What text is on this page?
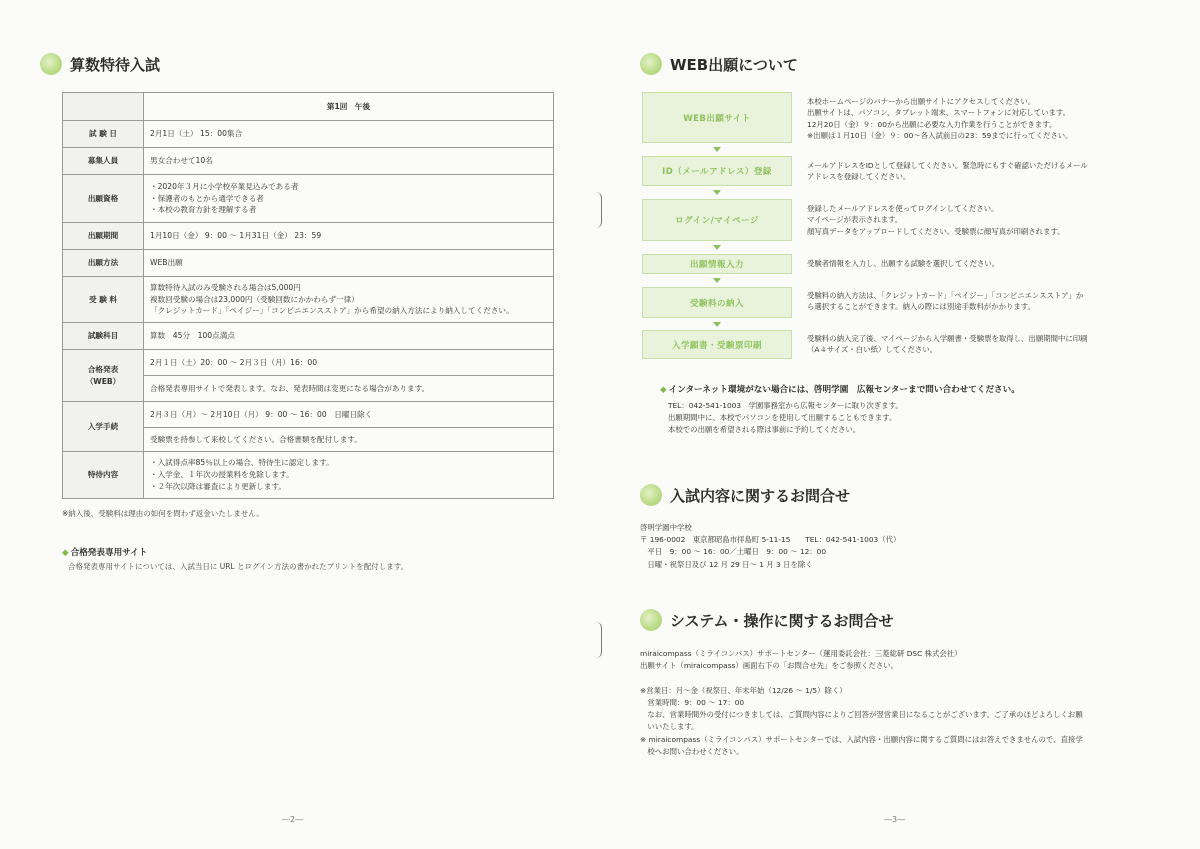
算数特待入試
	第1回　午後
試 験 日	2月1日（土） 15：00集合
募集人員	男女合わせて10名
出願資格	・2020年３月に小学校卒業見込みである者
・保護者のもとから通学できる者
・本校の教育方針を理解する者

出願期間	1月10日（金） 9：00 ～ 1月31日（金） 23：59
出願方法	WEB出願
受 験 料	算数特待入試のみ受験される場合は5,000円
複数回受験の場合は23,000円（受験回数にかかわらず一律）
「クレジットカード」「ペイジー」「コンビニエンスストア」から希望の納入方法により納入してください。

試験科目	算数　45分　100点満点
合格発表
（WEB）	2月１日（土）20：00 ～ 2月３日（月）16：00
	合格発表専用サイトで発表します。なお、発表時間は変更になる場合があります。
入学手続	2月３日（月）～ 2月10日（月） 9：00 ～ 16：00　日曜日除く
	受験票を持参して来校してください。合格書類を配付します。
特待内容	・入試得点率85％以上の場合、特待生に認定します。
・入学金、１年次の授業料を免除します。
・２年次以降は審査により更新します。
※納入後、受験料は理由の如何を問わず返金いたしません。
◆ 合格発表専用サイト
合格発表専用サイトについては、入試当日に URL とログイン方法の書かれたプリントを配付します。
―2―
WEB出願について
WEB出願サイト
ID（メールアドレス）登録
ログイン/マイページ
出願情報入力
受験料の納入
入学願書・受験票印刷
本校ホームページのバナーから出願サイトにアクセスしてください。
出願サイトは、パソコン、タブレット端末、スマートフォンに対応しています。
12月20日（金）９：00から出願に必要な入力作業を行うことができます。
※出願は１月10日（金）９：00～各入試前日の23：59までに行ってください。
メールアドレスをIDとして登録してください。緊急時にもすぐ確認いただけるメール
アドレスを登録してください。
登録したメールアドレスを使ってログインしてください。
マイページが表示されます。
顔写真データをアップロードしてください。受験票に顔写真が印刷されます。
受験者情報を入力し、出願する試験を選択してください。
受験料の納入方法は、「クレジットカード」「ペイジー」「コンビニエンスストア」か
ら選択することができます。納入の際には別途手数料がかかります。
受験料の納入完了後、マイページから入学願書・受験票を取得し、出願期間中に印刷
（A４サイズ・白い紙）してください。
◆ インターネット環境がない場合には、啓明学園　広報センターまで問い合わせてください。
TEL：042-541-1003　学園事務室から広報センターに取り次ぎます。
出願期間中に、本校でパソコンを使用して出願することもできます。
本校での出願を希望される際は事前に予約してください。
入試内容に関するお問合せ
啓明学園中学校
〒 196-0002　東京都昭島市拝島町 5-11-15　　TEL：042-541-1003（代）
　平日　9：00 ～ 16：00／土曜日　9：00 ～ 12：00
　日曜・祝祭日及び 12 月 29 日～ 1 月 3 日を除く
システム・操作に関するお問合せ
miraicompass（ミライコンパス）サポートセンター（運用委託会社：三菱総研 DSC 株式会社）
出願サイト（miraicompass）画面右下の「お問合せ先」をご参照ください。

※営業日：月～金（祝祭日、年末年始（12/26 ～ 1/5）除く）
　営業時間：9：00 ～ 17：00
　なお、営業時間外の受付につきましては、ご質問内容によりご回答が翌営業日になることがございます。ご了承のほどよろしくお願
　いいたします。
※ miraicompass（ミライコンパス）サポートセンターでは、入試内容・出願内容に関するご質問にはお答えできませんので、直接学
　校へお問い合わせください。
―3―
